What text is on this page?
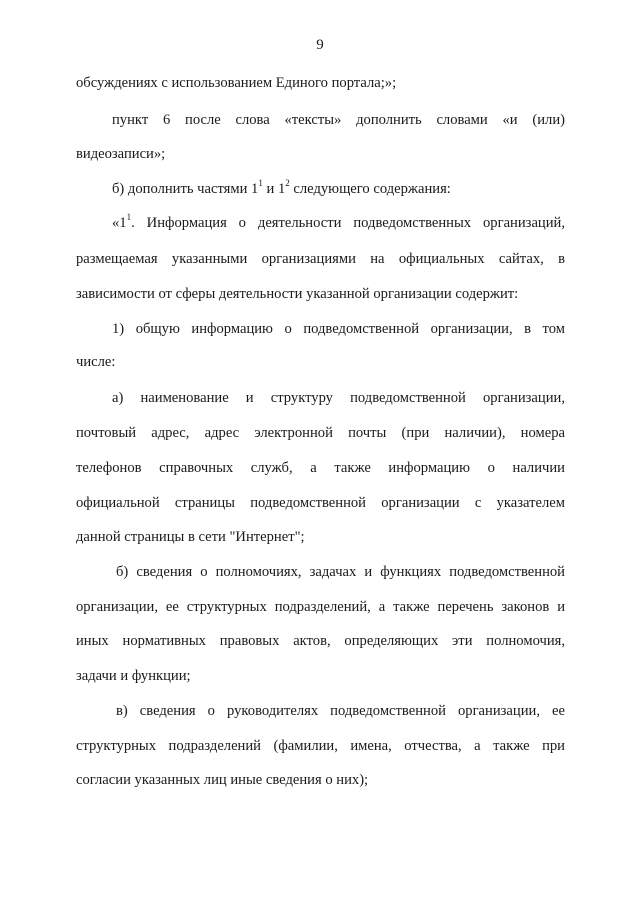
9
обсуждениях с использованием Единого портала;»;
пункт 6 после слова «тексты» дополнить словами «и (или)
видеозаписи»;
б) дополнить частями $1^1$ и $1^2$ следующего содержания:
«$1^1$. Информация о деятельности подведомственных организаций,
размещаемая указанными организациями на официальных сайтах, в
зависимости от сферы деятельности указанной организации содержит:
1) общую информацию о подведомственной организации, в том
числе:
а) наименование и структуру подведомственной организации,
почтовый адрес, адрес электронной почты (при наличии), номера
телефонов справочных служб, а также информацию о наличии
официальной страницы подведомственной организации с указателем
данной страницы в сети "Интернет";
б) сведения о полномочиях, задачах и функциях подведомственной
организации, ее структурных подразделений, а также перечень законов и
иных нормативных правовых актов, определяющих эти полномочия,
задачи и функции;
в) сведения о руководителях подведомственной организации, ее
структурных подразделений (фамилии, имена, отчества, а также при
согласии указанных лиц иные сведения о них);
